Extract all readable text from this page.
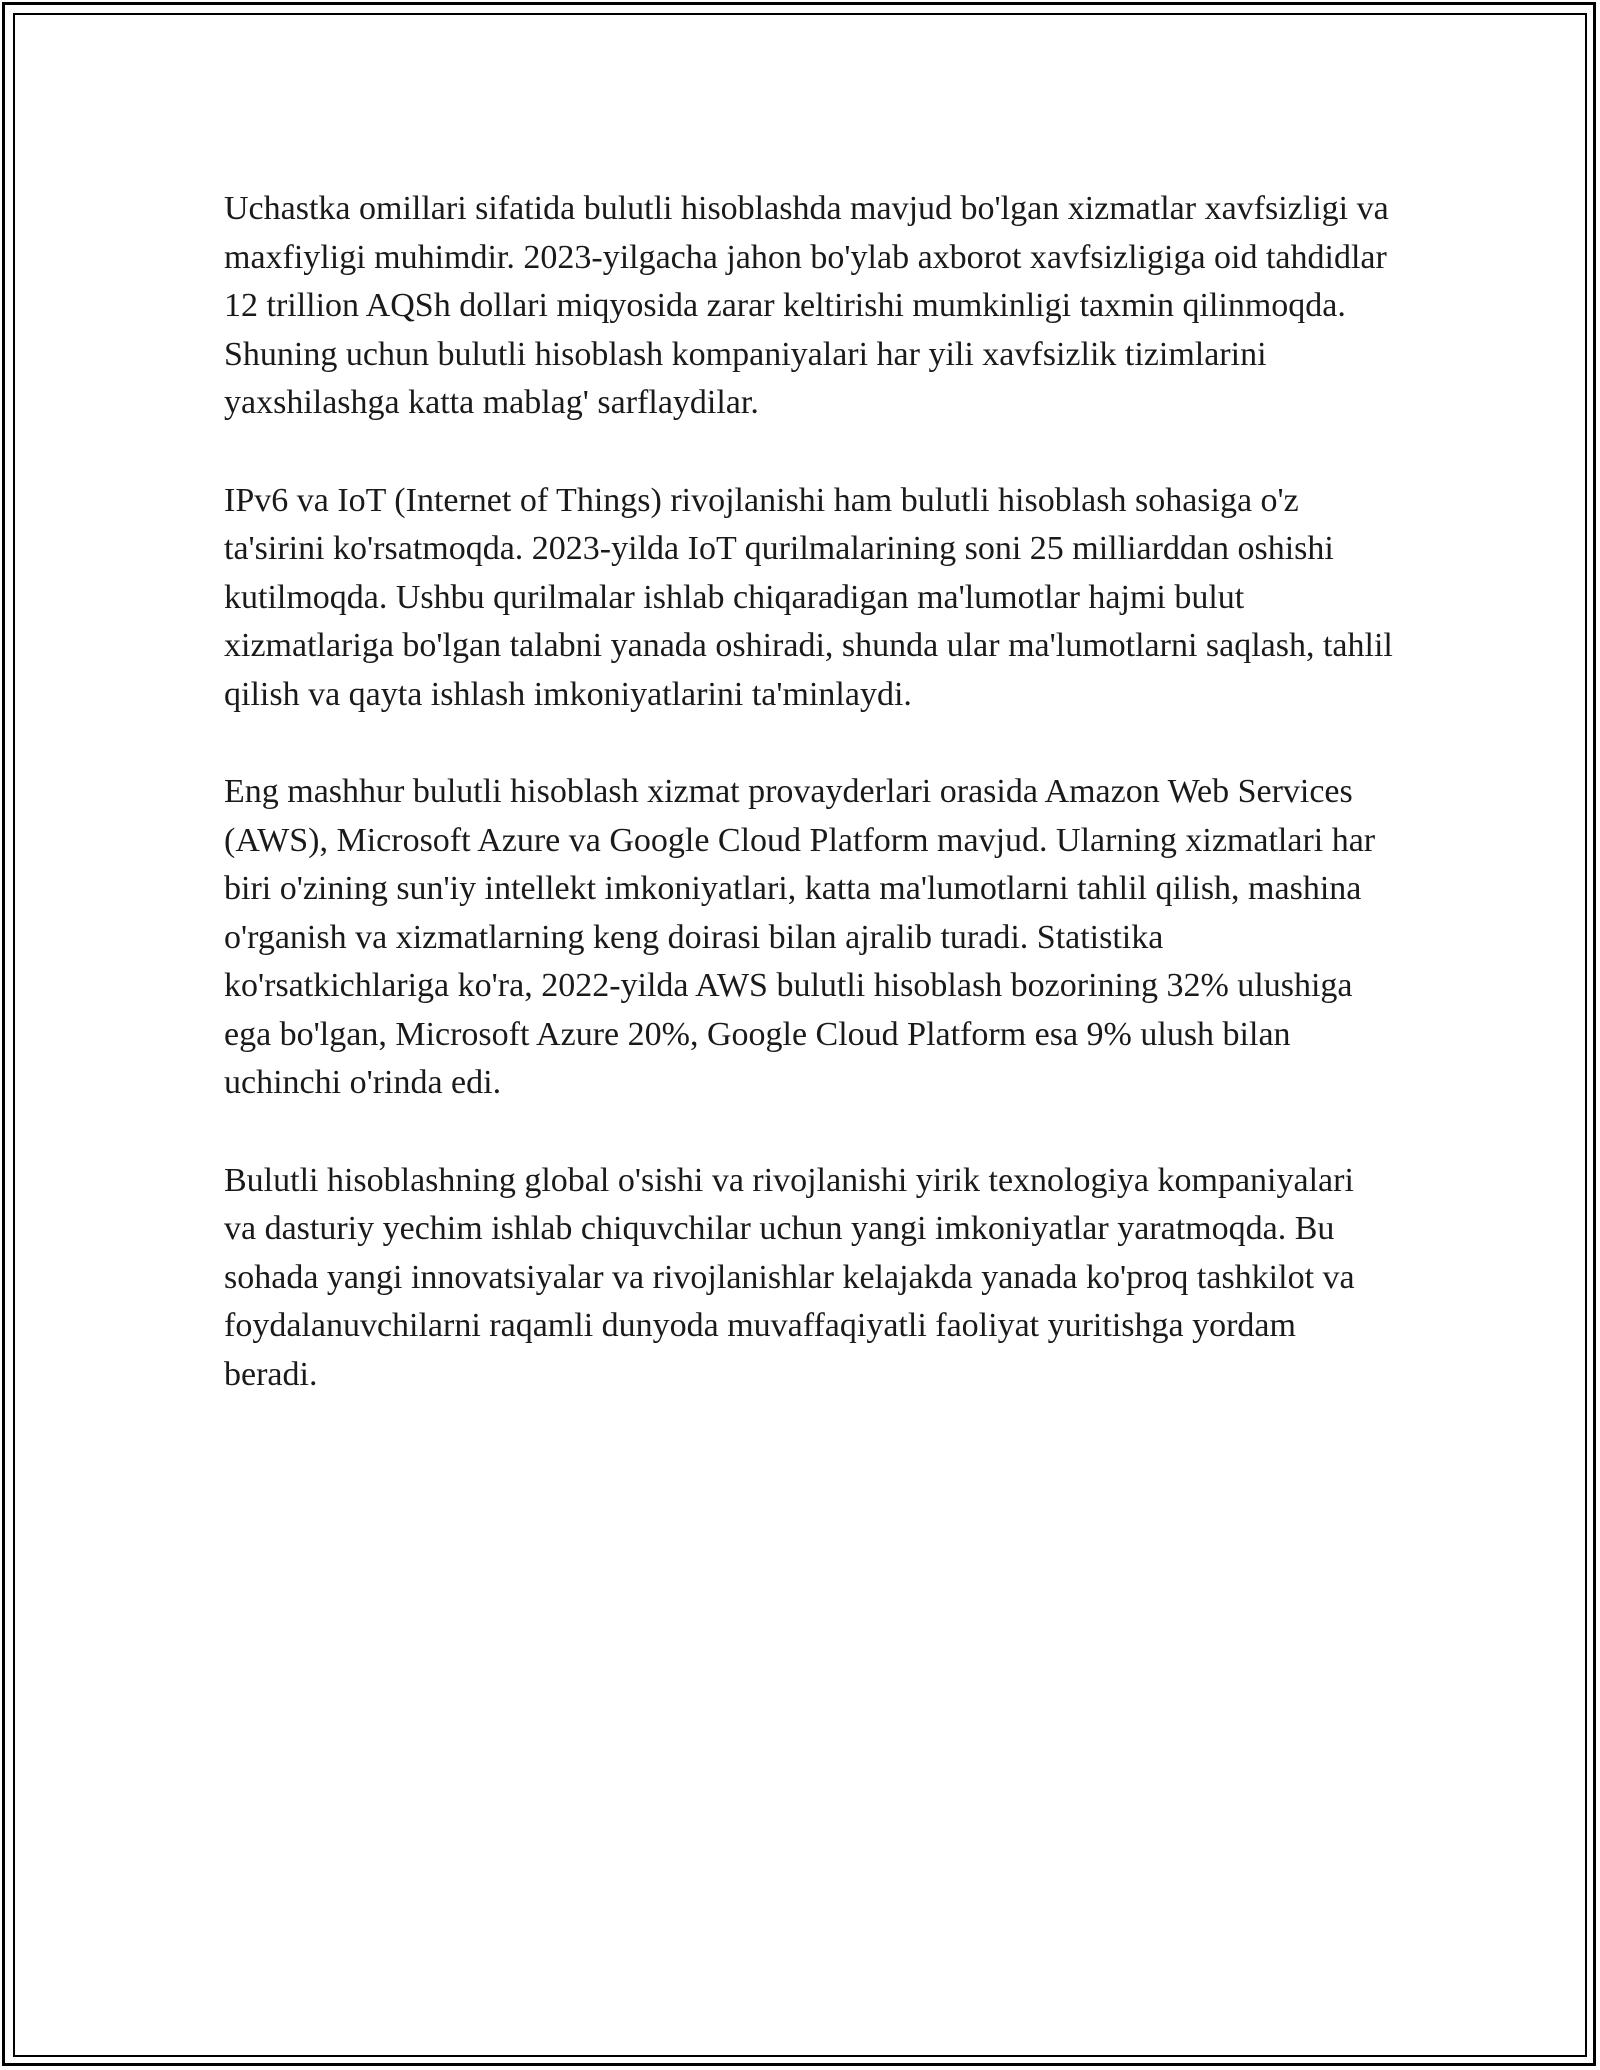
Uchastka omillari sifatida bulutli hisoblashda mavjud bo'lgan xizmatlar xavfsizligi va maxfiyligi muhimdir. 2023-yilgacha jahon bo'ylab axborot xavfsizligiga oid tahdidlar 12 trillion AQSh dollari miqyosida zarar keltirishi mumkinligi taxmin qilinmoqda. Shuning uchun bulutli hisoblash kompaniyalari har yili xavfsizlik tizimlarini yaxshilashga katta mablag' sarflaydilar.

IPv6 va IoT (Internet of Things) rivojlanishi ham bulutli hisoblash sohasiga o'z ta'sirini ko'rsatmoqda. 2023-yilda IoT qurilmalarining soni 25 milliarddan oshishi kutilmoqda. Ushbu qurilmalar ishlab chiqaradigan ma'lumotlar hajmi bulut xizmatlariga bo'lgan talabni yanada oshiradi, shunda ular ma'lumotlarni saqlash, tahlil qilish va qayta ishlash imkoniyatlarini ta'minlaydi.

Eng mashhur bulutli hisoblash xizmat provayderlari orasida Amazon Web Services (AWS), Microsoft Azure va Google Cloud Platform mavjud. Ularning xizmatlari har biri o'zining sun'iy intellekt imkoniyatlari, katta ma'lumotlarni tahlil qilish, mashina o'rganish va xizmatlarning keng doirasi bilan ajralib turadi. Statistika ko'rsatkichlariga ko'ra, 2022-yilda AWS bulutli hisoblash bozorining 32% ulushiga ega bo'lgan, Microsoft Azure 20%, Google Cloud Platform esa 9% ulush bilan uchinchi o'rinda edi.

Bulutli hisoblashning global o'sishi va rivojlanishi yirik texnologiya kompaniyalari va dasturiy yechim ishlab chiquvchilar uchun yangi imkoniyatlar yaratmoqda. Bu sohada yangi innovatsiyalar va rivojlanishlar kelajakda yanada ko'proq tashkilot va foydalanuvchilarni raqamli dunyoda muvaffaqiyatli faoliyat yuritishga yordam beradi.
